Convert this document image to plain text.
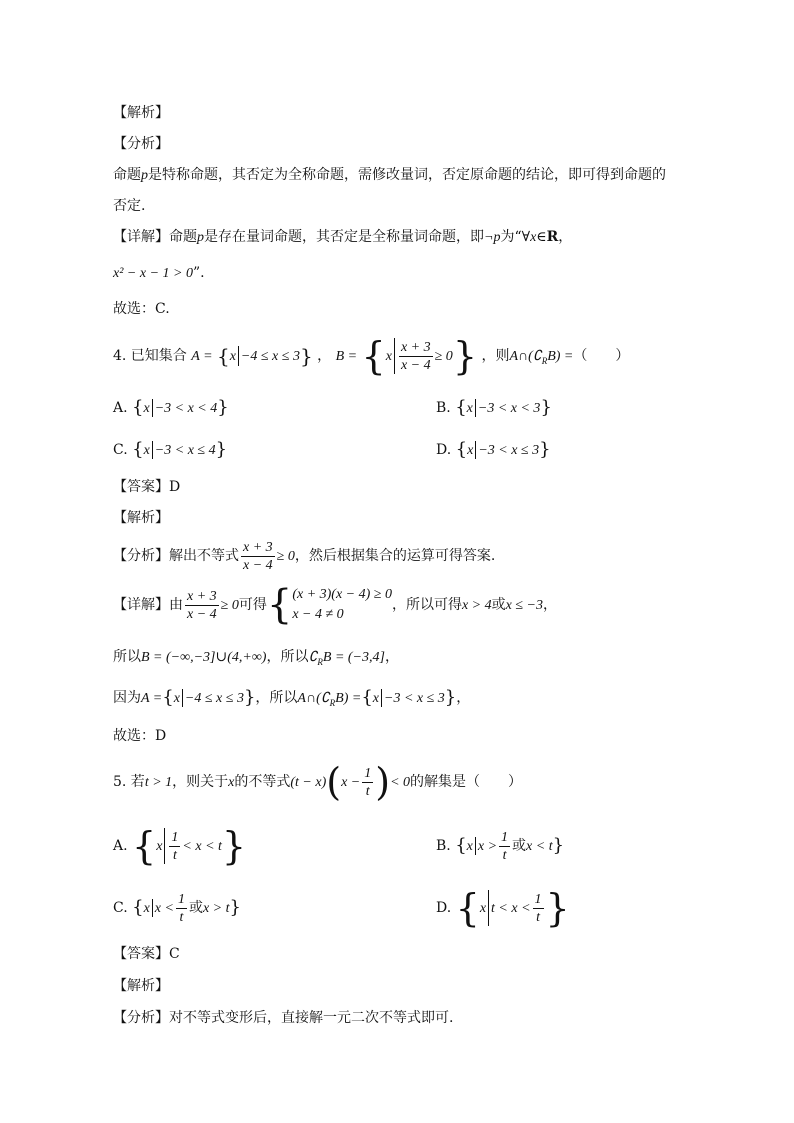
【解析】
【分析】
命题p是特称命题，其否定为全称命题，需修改量词，否定原命题的结论，即可得到命题的
否定.
【详解】命题p是存在量词命题，其否定是全称量词命题，即¬p为“∀x∈R，
x² − x − 1 > 0”.
故选：C.
4. 已知集合 A = {x −4 ≤ x ≤ 3} ， $B = \{x \frac{x + 3}{x - 4} \ge 0\}$ ，则$A\cap(∁_RB)$ =（　　）
A. {x −3 < x < 4}	B. {x −3 < x < 3}
C. {x −3 < x ≤ 4}	D. {x −3 < x ≤ 3}
【答案】D
【解析】
【分析】解出不等式 $\frac{x + 3}{x - 4} \ge 0$，然后根据集合的运算可得答案.
【详解】由 $\frac{x + 3}{x - 4} \ge 0$可得{ (x + 3)(x − 4) ≥ 0
x − 4 ≠ 0
，所以可得x > 4或x ≤ −3，
所以B = (−∞,−3]∪(4,+∞)，所以$∁_RB = (-3,4]$，
因为A ={x −4 ≤ x ≤ 3}，所以$A\cap(∁_RB) =\{x -3 < x \le 3\}$，
故选：D
5. 若t > 1，则关于x的不等式$(t - x)(x - \frac{1}{t}$ )< 0的解集是（　　）
A. $\{x \frac{1}{t} < x < t\}$	B. {x $x > \frac{1}{t}$ 或x < t}
C. {x $x < \frac{1}{t}$ 或x > t}	D. {x $t < x < \frac{1}{t}$ }
【答案】C
【解析】
【分析】对不等式变形后，直接解一元二次不等式即可.
